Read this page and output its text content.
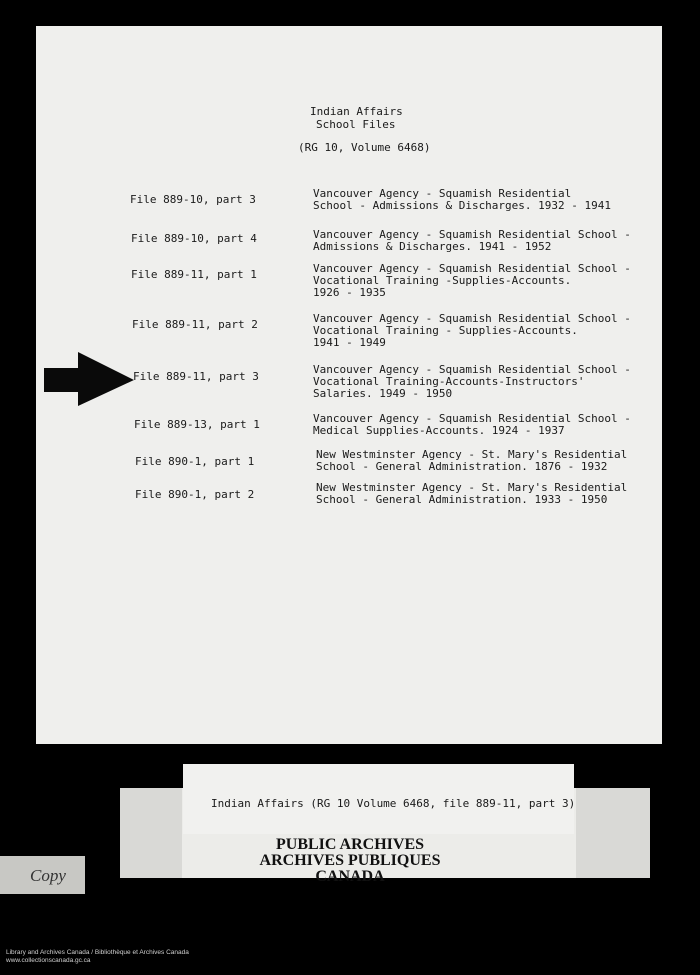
Indian Affairs
School Files
(RG 10, Volume 6468)
File 889-10, part 3	Vancouver Agency - Squamish Residential
School - Admissions & Discharges. 1932 - 1941
File 889-10, part 4	Vancouver Agency - Squamish Residential School -
Admissions & Discharges. 1941 - 1952
File 889-11, part 1	Vancouver Agency - Squamish Residential School -
Vocational Training -Supplies-Accounts.
1926 - 1935
File 889-11, part 2	Vancouver Agency - Squamish Residential School -
Vocational Training - Supplies-Accounts.
1941 - 1949
File 889-11, part 3
Vancouver Agency - Squamish Residential School -
Vocational Training-Accounts-Instructors'
Salaries. 1949 - 1950
File 889-13, part 1	Vancouver Agency - Squamish Residential School -
Medical Supplies-Accounts. 1924 - 1937
File 890-1, part 1
New Westminster Agency - St. Mary's Residential
School - General Administration. 1876 - 1932
File 890-1, part 2
New Westminster Agency - St. Mary's Residential
School - General Administration. 1933 - 1950
Indian Affairs (RG 10 Volume 6468, file 889-11, part 3)
PUBLIC ARCHIVES
ARCHIVES PUBLIQUES
CANADA
Copy
Library and Archives Canada / Bibliothèque et Archives Canada
www.collectionscanada.gc.ca
